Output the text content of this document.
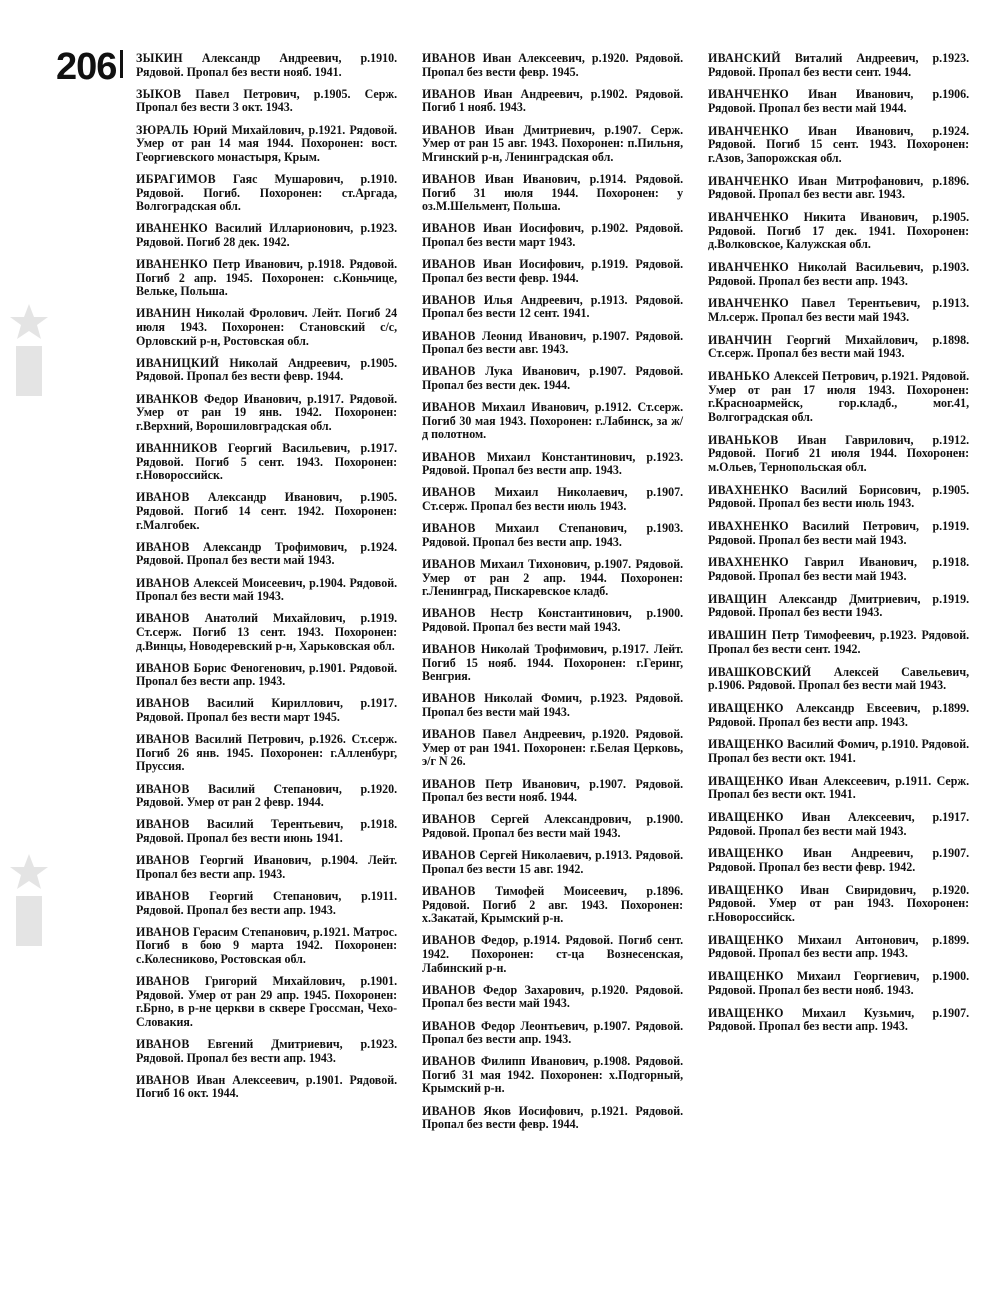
206 ЗЫКИН Александр Андреевич, р.1910. Рядовой. Пропал без вести нояб. 1941.
ЗЫКОВ Павел Петрович, р.1905. Серж. Пропал без вести 3 окт. 1943.
ЗЮРАЛЬ Юрий Михайлович, р.1921. Рядовой. Умер от ран 14 мая 1944. Похоронен: вост. Георгиевского монастыря, Крым.
ИБРАГИМОВ Гаяс Мушарович, р.1910. Рядовой. Погиб. Похоронен: ст.Аргада, Волгоградская обл.
ИВАНЕНКО Василий Илларионович, р.1923. Рядовой. Погиб 28 дек. 1942.
ИВАНЕНКО Петр Иванович, р.1918. Рядовой. Погиб 2 апр. 1945. Похоронен: с.Коньчице, Вельке, Польша.
ИВАНИН Николай Фролович. Лейт. Погиб 24 июля 1943. Похоронен: Становский с/с, Орловский р-н, Ростовская обл.
ИВАНИЦКИЙ Николай Андреевич, р.1905. Рядовой. Пропал без вести февр. 1944.
ИВАНКОВ Федор Иванович, р.1917. Рядовой. Умер от ран 19 янв. 1942. Похоронен: г.Верхний, Ворошиловградская обл.
ИВАННИКОВ Георгий Васильевич, р.1917. Рядовой. Погиб 5 сент. 1943. Похоронен: г.Новороссийск.
ИВАНОВ Александр Иванович, р.1905. Рядовой. Погиб 14 сент. 1942. Похоронен: г.Малгобек.
ИВАНОВ Александр Трофимович, р.1924. Рядовой. Пропал без вести май 1943.
ИВАНОВ Алексей Моисеевич, р.1904. Рядовой. Пропал без вести май 1943.
ИВАНОВ Анатолий Михайлович, р.1919. Ст.серж. Погиб 13 сент. 1943. Похоронен: д.Винцы, Новодеревский р-н, Харьковская обл.
ИВАНОВ Борис Феногенович, р.1901. Рядовой. Пропал без вести апр. 1943.
ИВАНОВ Василий Кириллович, р.1917. Рядовой. Пропал без вести март 1945.
ИВАНОВ Василий Петрович, р.1926. Ст.серж. Погиб 26 янв. 1945. Похоронен: г.Алленбург, Пруссия.
ИВАНОВ Василий Степанович, р.1920. Рядовой. Умер от ран 2 февр. 1944.
ИВАНОВ Василий Терентьевич, р.1918. Рядовой. Пропал без вести июнь 1941.
ИВАНОВ Георгий Иванович, р.1904. Лейт. Пропал без вести апр. 1943.
ИВАНОВ Георгий Степанович, р.1911. Рядовой. Пропал без вести апр. 1943.
ИВАНОВ Герасим Степанович, р.1921. Матрос. Погиб в бою 9 марта 1942. Похоронен: с.Колесниково, Ростовская обл.
ИВАНОВ Григорий Михайлович, р.1901. Рядовой. Умер от ран 29 апр. 1945. Похоронен: г.Брно, в р-не церкви в сквере Гроссман, Чехо-Словакия.
ИВАНОВ Евгений Дмитриевич, р.1923. Рядовой. Пропал без вести апр. 1943.
ИВАНОВ Иван Алексеевич, р.1901. Рядовой. Погиб 16 окт. 1944.
ИВАНОВ Иван Алексеевич, р.1920. Рядовой. Пропал без вести февр. 1945.
ИВАНОВ Иван Андреевич, р.1902. Рядовой. Погиб 1 нояб. 1943.
ИВАНОВ Иван Дмитриевич, р.1907. Серж. Умер от ран 15 авг. 1943. Похоронен: п.Пильня, Мгинский р-н, Ленинградская обл.
ИВАНОВ Иван Иванович, р.1914. Рядовой. Погиб 31 июля 1944. Похоронен: у оз.М.Шельмент, Польша.
ИВАНОВ Иван Иосифович, р.1902. Рядовой. Пропал без вести март 1943.
ИВАНОВ Иван Иосифович, р.1919. Рядовой. Пропал без вести февр. 1944.
ИВАНОВ Илья Андреевич, р.1913. Рядовой. Пропал без вести 12 сент. 1941.
ИВАНОВ Леонид Иванович, р.1907. Рядовой. Пропал без вести авг. 1943.
ИВАНОВ Лука Иванович, р.1907. Рядовой. Пропал без вести дек. 1944.
ИВАНОВ Михаил Иванович, р.1912. Ст.серж. Погиб 30 мая 1943. Похоронен: г.Лабинск, за ж/д полотном.
ИВАНОВ Михаил Константинович, р.1923. Рядовой. Пропал без вести апр. 1943.
ИВАНОВ Михаил Николаевич, р.1907. Ст.серж. Пропал без вести июль 1943.
ИВАНОВ Михаил Степанович, р.1903. Рядовой. Пропал без вести апр. 1943.
ИВАНОВ Михаил Тихонович, р.1907. Рядовой. Умер от ран 2 апр. 1944. Похоронен: г.Ленинград, Пискаревское кладб.
ИВАНОВ Нестр Константинович, р.1900. Рядовой. Пропал без вести май 1943.
ИВАНОВ Николай Трофимович, р.1917. Лейт. Погиб 15 нояб. 1944. Похоронен: г.Геринг, Венгрия.
ИВАНОВ Николай Фомич, р.1923. Рядовой. Пропал без вести май 1943.
ИВАНОВ Павел Андреевич, р.1920. Рядовой. Умер от ран 1941. Похоронен: г.Белая Церковь, э/г N 26.
ИВАНОВ Петр Иванович, р.1907. Рядовой. Пропал без вести нояб. 1944.
ИВАНОВ Сергей Александрович, р.1900. Рядовой. Пропал без вести май 1943.
ИВАНОВ Сергей Николаевич, р.1913. Рядовой. Пропал без вести 15 авг. 1942.
ИВАНОВ Тимофей Моисеевич, р.1896. Рядовой. Погиб 2 авг. 1943. Похоронен: х.Закатай, Крымский р-н.
ИВАНОВ Федор, р.1914. Рядовой. Погиб сент. 1942. Похоронен: ст-ца Вознесенская, Лабинский р-н.
ИВАНОВ Федор Захарович, р.1920. Рядовой. Пропал без вести май 1943.
ИВАНОВ Федор Леонтьевич, р.1907. Рядовой. Пропал без вести апр. 1943.
ИВАНОВ Филипп Иванович, р.1908. Рядовой. Погиб 31 мая 1942. Похоронен: х.Подгорный, Крымский р-н.
ИВАНОВ Яков Иосифович, р.1921. Рядовой. Пропал без вести февр. 1944.
ИВАНСКИЙ Виталий Андреевич, р.1923. Рядовой. Пропал без вести сент. 1944.
ИВАНЧЕНКО Иван Иванович, р.1906. Рядовой. Пропал без вести май 1944.
ИВАНЧЕНКО Иван Иванович, р.1924. Рядовой. Погиб 15 сент. 1943. Похоронен: г.Азов, Запорожская обл.
ИВАНЧЕНКО Иван Митрофанович, р.1896. Рядовой. Пропал без вести авг. 1943.
ИВАНЧЕНКО Никита Иванович, р.1905. Рядовой. Погиб 17 дек. 1941. Похоронен: д.Волковское, Калужская обл.
ИВАНЧЕНКО Николай Васильевич, р.1903. Рядовой. Пропал без вести апр. 1943.
ИВАНЧЕНКО Павел Терентьевич, р.1913. Мл.серж. Пропал без вести май 1943.
ИВАНЧИН Георгий Михайлович, р.1898. Ст.серж. Пропал без вести май 1943.
ИВАНЬКО Алексей Петрович, р.1921. Рядовой. Умер от ран 17 июля 1943. Похоронен: г.Красноармейск, гор.кладб., мог.41, Волгоградская обл.
ИВАНЬКОВ Иван Гаврилович, р.1912. Рядовой. Погиб 21 июля 1944. Похоронен: м.Ольев, Тернопольская обл.
ИВАХНЕНКО Василий Борисович, р.1905. Рядовой. Пропал без вести июль 1943.
ИВАХНЕНКО Василий Петрович, р.1919. Рядовой. Пропал без вести май 1943.
ИВАХНЕНКО Гаврил Иванович, р.1918. Рядовой. Пропал без вести май 1943.
ИВАЩИН Александр Дмитриевич, р.1919. Рядовой. Пропал без вести 1943.
ИВАШИН Петр Тимофеевич, р.1923. Рядовой. Пропал без вести сент. 1942.
ИВАШКОВСКИЙ Алексей Савельевич, р.1906. Рядовой. Пропал без вести май 1943.
ИВАЩЕНКО Александр Евсеевич, р.1899. Рядовой. Пропал без вести апр. 1943.
ИВАЩЕНКО Василий Фомич, р.1910. Рядовой. Пропал без вести окт. 1941.
ИВАЩЕНКО Иван Алексеевич, р.1911. Серж. Пропал без вести окт. 1941.
ИВАЩЕНКО Иван Алексеевич, р.1917. Рядовой. Пропал без вести май 1943.
ИВАЩЕНКО Иван Андреевич, р.1907. Рядовой. Пропал без вести февр. 1942.
ИВАЩЕНКО Иван Свиридович, р.1920. Рядовой. Умер от ран 1943. Похоронен: г.Новороссийск.
ИВАЩЕНКО Михаил Антонович, р.1899. Рядовой. Пропал без вести апр. 1943.
ИВАЩЕНКО Михаил Георгиевич, р.1900. Рядовой. Пропал без вести нояб. 1943.
ИВАЩЕНКО Михаил Кузьмич, р.1907. Рядовой. Пропал без вести апр. 1943.
